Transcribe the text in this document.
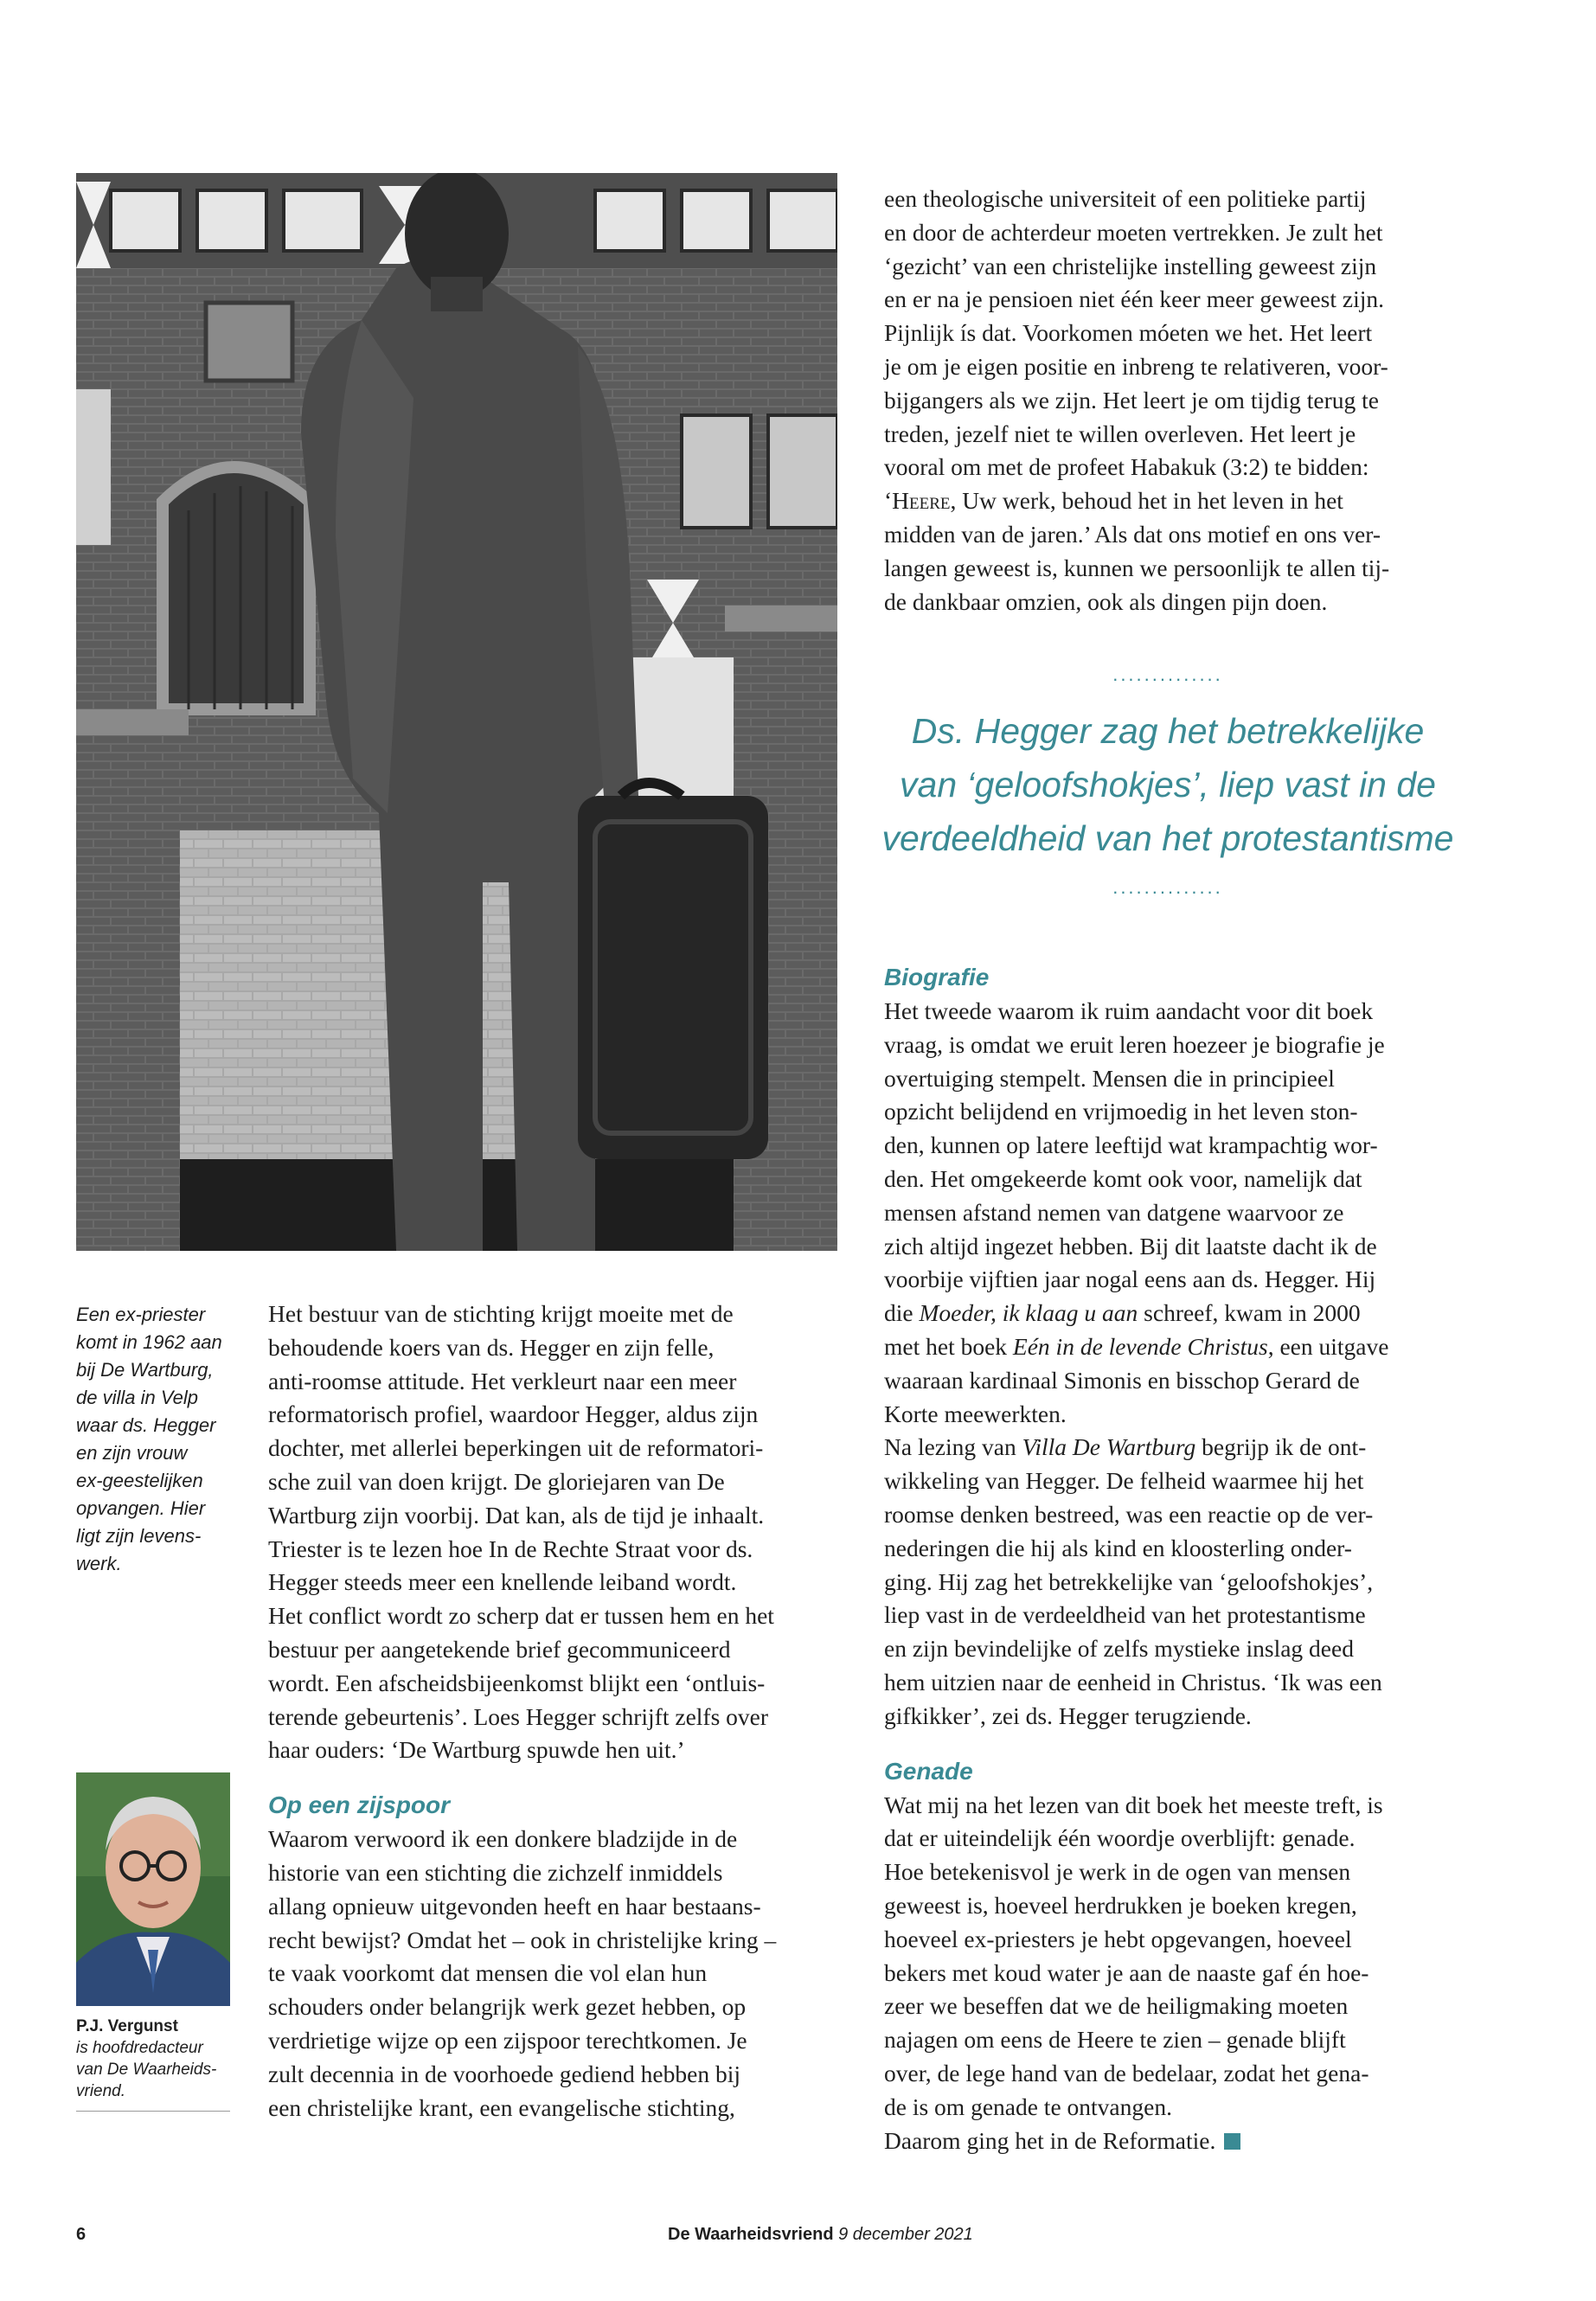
Een ex-priester
komt in 1962 aan
bij De Wartburg,
de villa in Velp
waar ds. Hegger
en zijn vrouw
ex-geestelijken
opvangen. Hier
ligt zijn levens-
werk.
P.J. Vergunst
is hoofdredacteur
van De Waarheids-
vriend.
Het bestuur van de stichting krijgt moeite met de
behoudende koers van ds. Hegger en zijn felle,
anti-roomse attitude. Het verkleurt naar een meer
reformatorisch profiel, waardoor Hegger, aldus zijn
dochter, met allerlei beperkingen uit de reformatori-
sche zuil van doen krijgt. De gloriejaren van De
Wartburg zijn voorbij. Dat kan, als de tijd je inhaalt.
Triester is te lezen hoe In de Rechte Straat voor ds.
Hegger steeds meer een knellende leiband wordt.
Het conflict wordt zo scherp dat er tussen hem en het
bestuur per aangetekende brief gecommuniceerd
wordt. Een afscheidsbijeenkomst blijkt een ‘ontluis-
terende gebeurtenis’. Loes Hegger schrijft zelfs over
haar ouders: ‘De Wartburg spuwde hen uit.’
Op een zijspoor
Waarom verwoord ik een donkere bladzijde in de
historie van een stichting die zichzelf inmiddels
allang opnieuw uitgevonden heeft en haar bestaans-
recht bewijst? Omdat het – ook in christelijke kring –
te vaak voorkomt dat mensen die vol elan hun
schouders onder belangrijk werk gezet hebben, op
verdrietige wijze op een zijspoor terechtkomen. Je
zult decennia in de voorhoede gediend hebben bij
een christelijke krant, een evangelische stichting,
een theologische universiteit of een politieke partij
en door de achterdeur moeten vertrekken. Je zult het
‘gezicht’ van een christelijke instelling geweest zijn
en er na je pensioen niet één keer meer geweest zijn.
Pijnlijk ís dat. Voorkomen móeten we het. Het leert
je om je eigen positie en inbreng te relativeren, voor-
bijgangers als we zijn. Het leert je om tijdig terug te
treden, jezelf niet te willen overleven. Het leert je
vooral om met de profeet Habakuk (3:2) te bidden:
‘Heere, Uw werk, behoud het in het leven in het
midden van de jaren.’ Als dat ons motief en ons ver-
langen geweest is, kunnen we persoonlijk te allen tij-
de dankbaar omzien, ook als dingen pijn doen.
..............
Ds. Hegger zag het betrekkelijke
van ‘geloofshokjes’, liep vast in de
verdeeldheid van het protestantisme
..............
Biografie
Het tweede waarom ik ruim aandacht voor dit boek
vraag, is omdat we eruit leren hoezeer je biografie je
overtuiging stempelt. Mensen die in principieel
opzicht belijdend en vrijmoedig in het leven ston-
den, kunnen op latere leeftijd wat krampachtig wor-
den. Het omgekeerde komt ook voor, namelijk dat
mensen afstand nemen van datgene waarvoor ze
zich altijd ingezet hebben. Bij dit laatste dacht ik de
voorbije vijftien jaar nogal eens aan ds. Hegger. Hij
die Moeder, ik klaag u aan schreef, kwam in 2000
met het boek Eén in de levende Christus, een uitgave
waaraan kardinaal Simonis en bisschop Gerard de
Korte meewerkten.
Na lezing van Villa De Wartburg begrijp ik de ont-
wikkeling van Hegger. De felheid waarmee hij het
roomse denken bestreed, was een reactie op de ver-
nederingen die hij als kind en kloosterling onder-
ging. Hij zag het betrekkelijke van ‘geloofshokjes’,
liep vast in de verdeeldheid van het protestantisme
en zijn bevindelijke of zelfs mystieke inslag deed
hem uitzien naar de eenheid in Christus. ‘Ik was een
gifkikker’, zei ds. Hegger terugziende.
Genade
Wat mij na het lezen van dit boek het meeste treft, is
dat er uiteindelijk één woordje overblijft: genade.
Hoe betekenisvol je werk in de ogen van mensen
geweest is, hoeveel herdrukken je boeken kregen,
hoeveel ex-priesters je hebt opgevangen, hoeveel
bekers met koud water je aan de naaste gaf én hoe-
zeer we beseffen dat we de heiligmaking moeten
najagen om eens de Heere te zien – genade blijft
over, de lege hand van de bedelaar, zodat het gena-
de is om genade te ontvangen.
Daarom ging het in de Reformatie.
6	De Waarheidsvriend 9 december 2021
